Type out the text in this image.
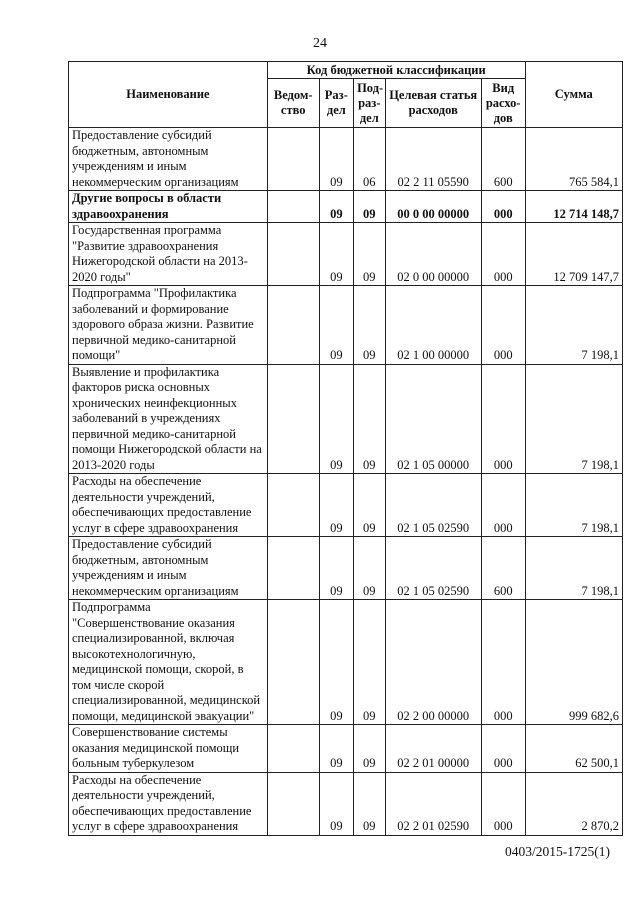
24
Наименование	Код бюджетной классификации					Сумма
	Ведом-ство	Раз-дел	Под-раз-дел	Целевая статья расходов	Вид расхо-дов	
Предоставление субсидий бюджетным, автономным учреждениям и иным некоммерческим организациям		09	06	02 2 11 05590	600	765 584,1
Другие вопросы в области здравоохранения		09	09	00 0 00 00000	000	12 714 148,7
Государственная программа "Развитие здравоохранения Нижегородской области на 2013-2020 годы"		09	09	02 0 00 00000	000	12 709 147,7
Подпрограмма "Профилактика заболеваний и формирование здорового образа жизни. Развитие первичной медико-санитарной помощи"		09	09	02 1 00 00000	000	7 198,1
Выявление и профилактика факторов риска основных хронических неинфекционных заболеваний в учреждениях первичной медико-санитарной помощи Нижегородской области на 2013-2020 годы		09	09	02 1 05 00000	000	7 198,1
Расходы на обеспечение деятельности учреждений, обеспечивающих предоставление услуг в сфере здравоохранения		09	09	02 1 05 02590	000	7 198,1
Предоставление субсидий бюджетным, автономным учреждениям и иным некоммерческим организациям		09	09	02 1 05 02590	600	7 198,1
Подпрограмма "Совершенствование оказания специализированной, включая высокотехнологичную, медицинской помощи, скорой, в том числе скорой специализированной, медицинской помощи, медицинской эвакуации"		09	09	02 2 00 00000	000	999 682,6
Совершенствование системы оказания медицинской помощи больным туберкулезом		09	09	02 2 01 00000	000	62 500,1
Расходы на обеспечение деятельности учреждений, обеспечивающих предоставление услуг в сфере здравоохранения		09	09	02 2 01 02590	000	2 870,2
0403/2015-1725(1)
